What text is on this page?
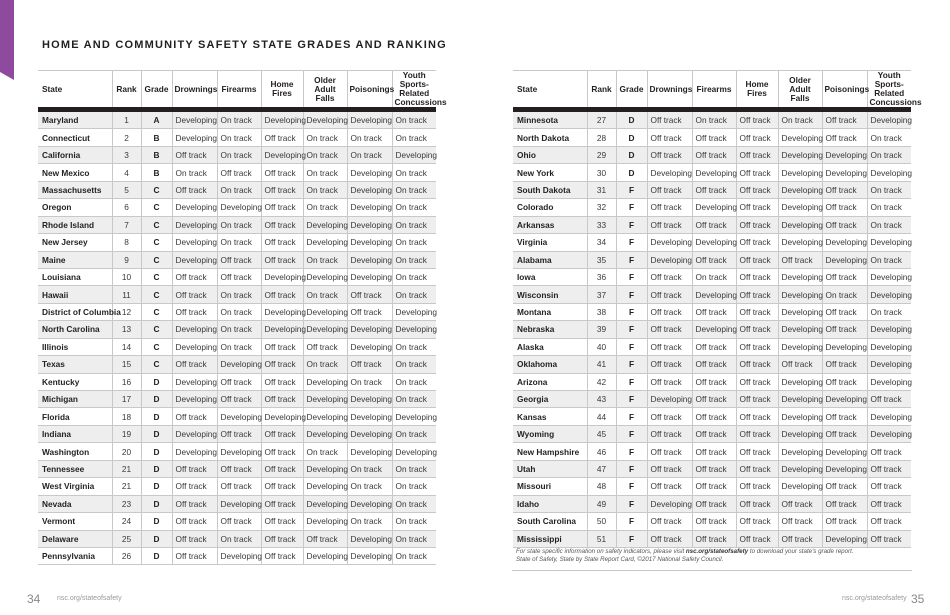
HOME AND COMMUNITY SAFETY STATE GRADES AND RANKING
State	Rank	Grade	Drownings	Firearms	Home Fires	Older Adult Falls	Poisonings	Youth Sports-Related Concussions

Maryland	1	A	Developing	On track	Developing	Developing	Developing	On track
Connecticut	2	B	Developing	On track	Off track	On track	On track	On track
California	3	B	Off track	On track	Developing	On track	On track	Developing
New Mexico	4	B	On track	Off track	Off track	On track	Developing	On track
Massachusetts	5	C	Off track	On track	Off track	On track	Developing	On track
Oregon	6	C	Developing	Developing	Off track	On track	Developing	On track
Rhode Island	7	C	Developing	On track	Off track	Developing	Developing	On track
New Jersey	8	C	Developing	On track	Off track	Developing	Developing	On track
Maine	9	C	Developing	Off track	Off track	On track	Developing	On track
Louisiana	10	C	Off track	Off track	Developing	Developing	Developing	On track
Hawaii	11	C	Off track	On track	Off track	On track	Off track	On track
District of Columbia	12	C	Off track	On track	Developing	Developing	Off track	Developing
North Carolina	13	C	Developing	On track	Developing	Developing	Developing	Developing
Illinois	14	C	Developing	On track	Off track	Off track	Developing	On track
Texas	15	C	Off track	Developing	Off track	On track	Off track	On track
Kentucky	16	D	Developing	Off track	Off track	Developing	On track	On track
Michigan	17	D	Developing	Off track	Off track	Developing	Developing	On track
Florida	18	D	Off track	Developing	Developing	Developing	Developing	Developing
Indiana	19	D	Developing	Off track	Off track	Developing	Developing	On track
Washington	20	D	Developing	Developing	Off track	On track	Developing	Developing
Tennessee	21	D	Off track	Off track	Off track	Developing	On track	On track
West Virginia	21	D	Off track	Off track	Off track	Developing	On track	On track
Nevada	23	D	Off track	Developing	Off track	Developing	Developing	On track
Vermont	24	D	Off track	Off track	Off track	Developing	On track	On track
Delaware	25	D	Off track	On track	Off track	Off track	Developing	On track
Pennsylvania	26	D	Off track	Developing	Off track	Developing	Developing	On track
State	Rank	Grade	Drownings	Firearms	Home Fires	Older Adult Falls	Poisonings	Youth Sports-Related Concussions

Minnesota	27	D	Off track	On track	Off track	On track	Off track	Developing
North Dakota	28	D	Off track	Off track	Off track	Developing	Off track	On track
Ohio	29	D	Off track	Off track	Off track	Developing	Developing	On track
New York	30	D	Developing	Developing	Off track	Developing	Developing	Developing
South Dakota	31	F	Off track	Off track	Off track	Developing	Off track	On track
Colorado	32	F	Off track	Developing	Off track	Developing	Off track	On track
Arkansas	33	F	Off track	Off track	Off track	Developing	Off track	On track
Virginia	34	F	Developing	Developing	Off track	Developing	Developing	Developing
Alabama	35	F	Developing	Off track	Off track	Off track	Developing	On track
Iowa	36	F	Off track	On track	Off track	Developing	Off track	Developing
Wisconsin	37	F	Off track	Developing	Off track	Developing	On track	Developing
Montana	38	F	Off track	Off track	Off track	Developing	Off track	On track
Nebraska	39	F	Off track	Developing	Off track	Developing	Off track	Developing
Alaska	40	F	Off track	Off track	Off track	Developing	Developing	Developing
Oklahoma	41	F	Off track	Off track	Off track	Off track	Off track	Developing
Arizona	42	F	Off track	Off track	Off track	Developing	Off track	Developing
Georgia	43	F	Developing	Off track	Off track	Developing	Developing	Off track
Kansas	44	F	Off track	Off track	Off track	Developing	Off track	Developing
Wyoming	45	F	Off track	Off track	Off track	Developing	Off track	Developing
New Hampshire	46	F	Off track	Off track	Off track	Developing	Developing	Off track
Utah	47	F	Off track	Off track	Off track	Developing	Developing	Off track
Missouri	48	F	Off track	Off track	Off track	Developing	Off track	Off track
Idaho	49	F	Developing	Off track	Off track	Off track	Off track	Off track
South Carolina	50	F	Off track	Off track	Off track	Off track	Off track	Off track
Mississippi	51	F	Off track	Off track	Off track	Off track	Developing	Off track
For state specific information on safety indicators, please visit nsc.org/stateofsafety to download your state's grade report.
State of Safety, State by State Report Card, ©2017 National Safety Council.
34 nsc.org/stateofsafety	nsc.org/stateofsafety 35
